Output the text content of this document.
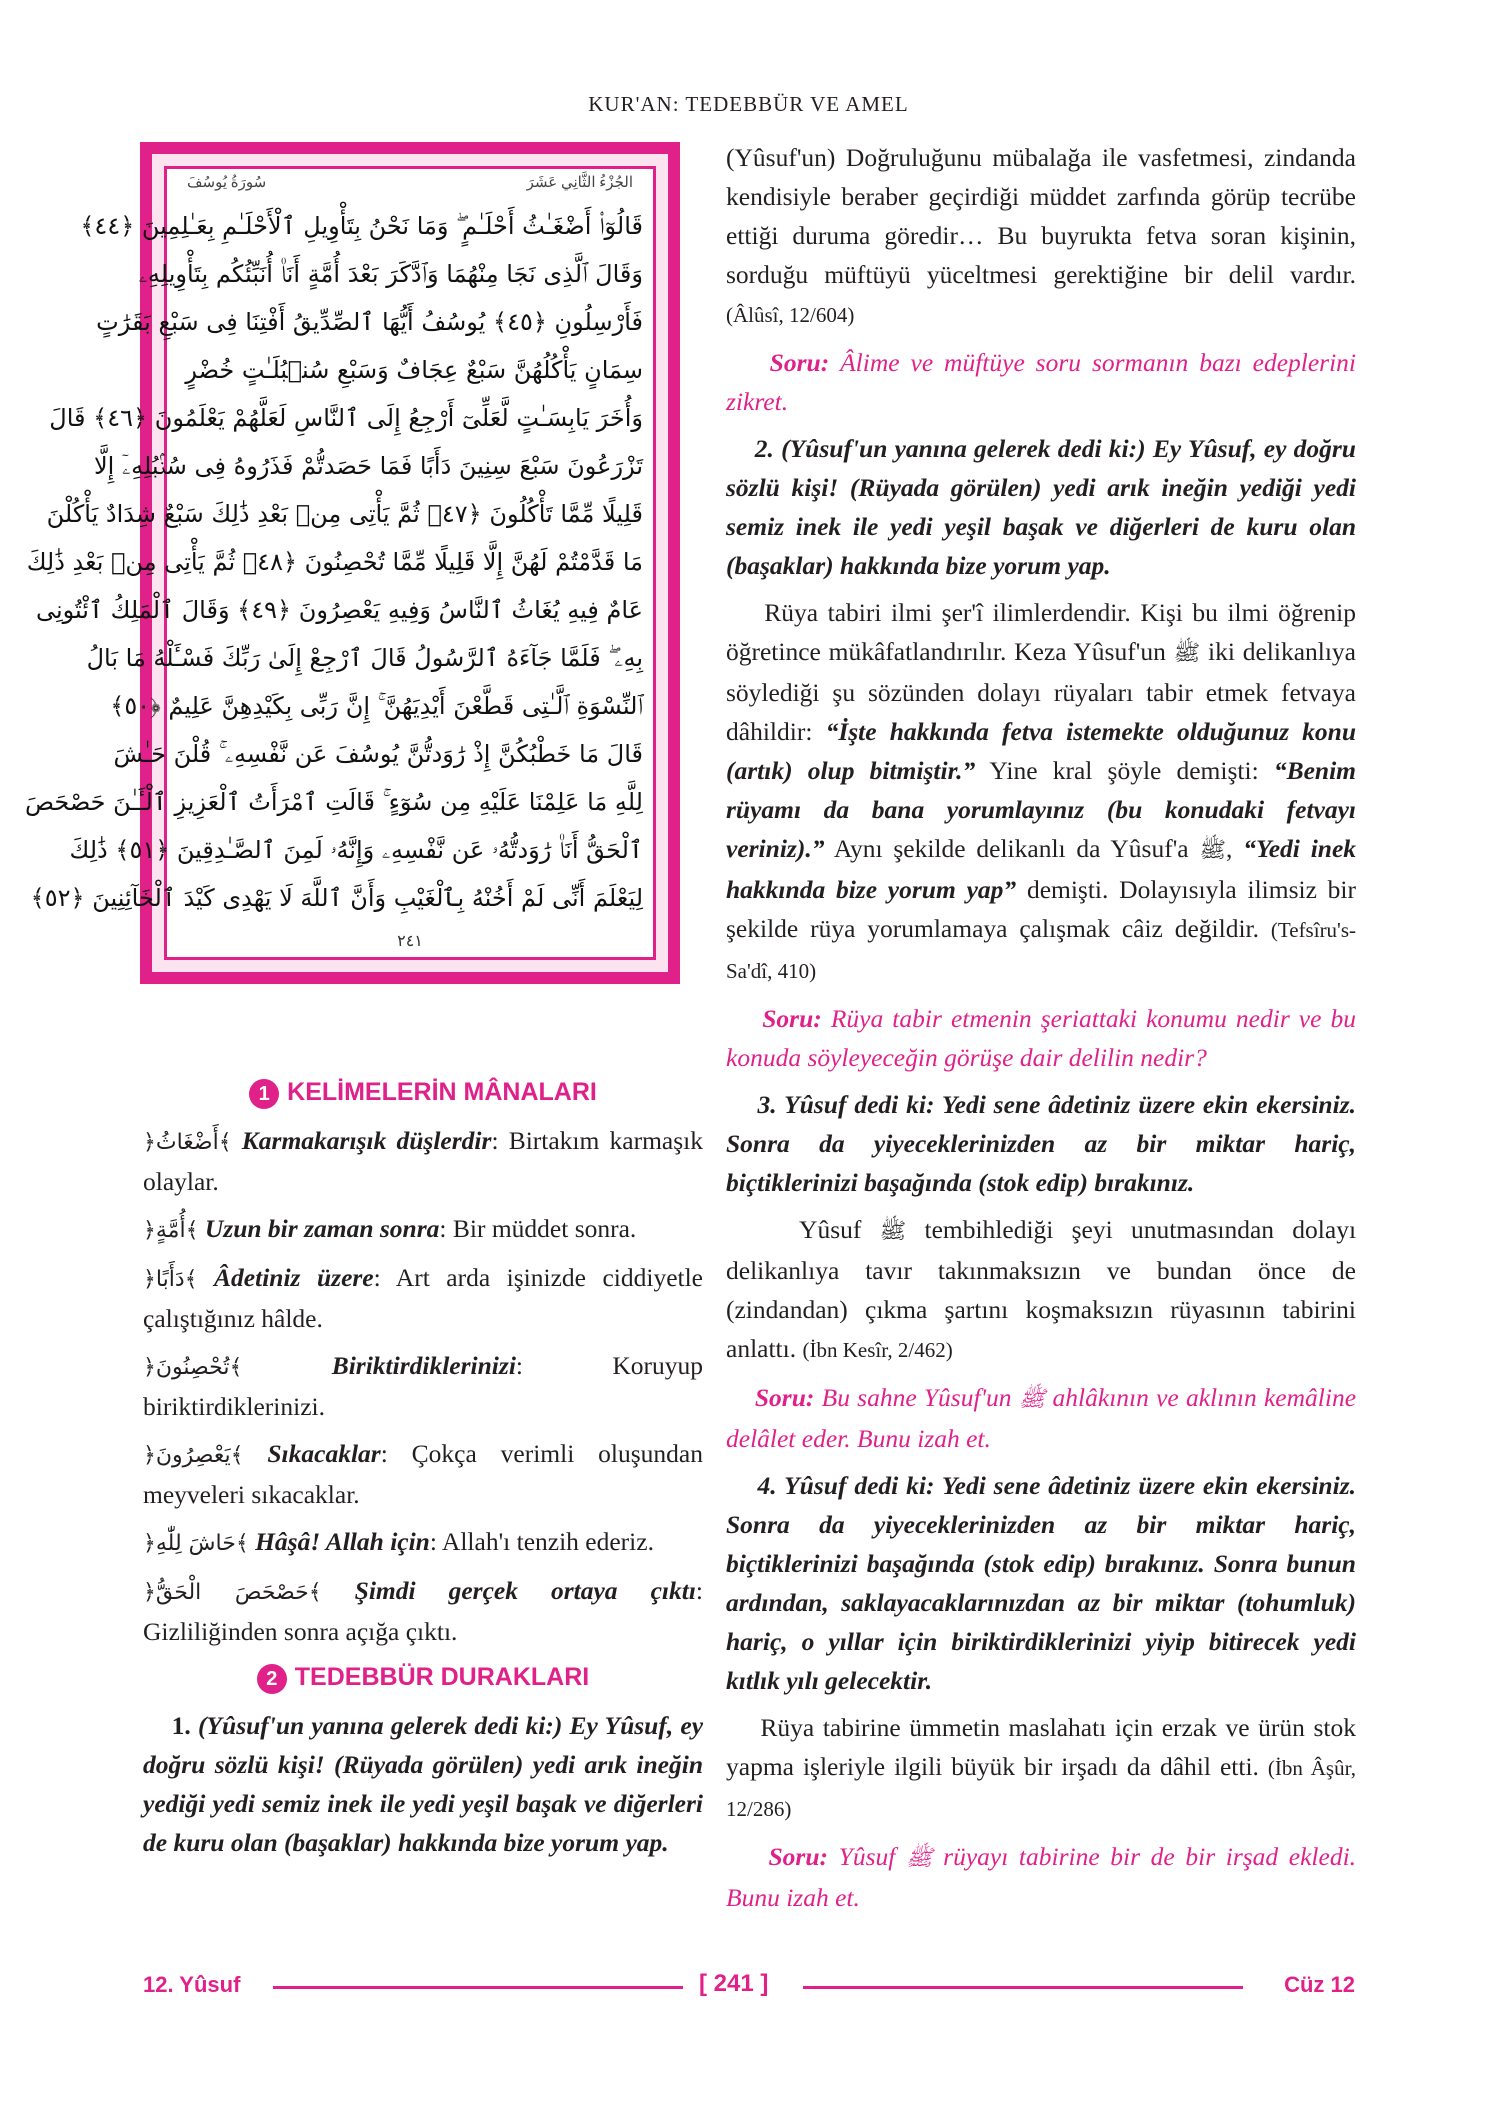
KUR'AN: TEDEBBÜR VE AMEL
سُورَةُ يُوسُفَ	الجُزْءُ الثَّانِي عَشَرَ
قَالُوٓا۟ أَضْغَـٰثُ أَحْلَـٰمٍ ۖ وَمَا نَحْنُ بِتَأْوِيلِ ٱلْأَحْلَـٰمِ بِعَـٰلِمِينَ ﴿٤٤﴾
وَقَالَ ٱلَّذِى نَجَا مِنْهُمَا وَٱدَّكَرَ بَعْدَ أُمَّةٍ أَنَا۠ أُنَبِّئُكُم بِتَأْوِيلِهِۦ
فَأَرْسِلُونِ ﴿٤٥﴾ يُوسُفُ أَيُّهَا ٱلصِّدِّيقُ أَفْتِنَا فِى سَبْعِ بَقَرَٰتٍ
سِمَانٍ يَأْكُلُهُنَّ سَبْعٌ عِجَافٌ وَسَبْعِ سُنۢبُلَـٰتٍ خُضْرٍ
وَأُخَرَ يَابِسَـٰتٍ لَّعَلِّىٓ أَرْجِعُ إِلَى ٱلنَّاسِ لَعَلَّهُمْ يَعْلَمُونَ ﴿٤٦﴾ قَالَ
تَزْرَعُونَ سَبْعَ سِنِينَ دَأَبًا فَمَا حَصَدتُّمْ فَذَرُوهُ فِى سُنۢبُلِهِۦٓ إِلَّا
قَلِيلًا مِّمَّا تَأْكُلُونَ ﴿٤٧﴾ ثُمَّ يَأْتِى مِنۢ بَعْدِ ذَٰلِكَ سَبْعٌ شِدَادٌ يَأْكُلْنَ
مَا قَدَّمْتُمْ لَهُنَّ إِلَّا قَلِيلًا مِّمَّا تُحْصِنُونَ ﴿٤٨﴾ ثُمَّ يَأْتِى مِنۢ بَعْدِ ذَٰلِكَ
عَامٌ فِيهِ يُغَاثُ ٱلنَّاسُ وَفِيهِ يَعْصِرُونَ ﴿٤٩﴾ وَقَالَ ٱلْمَلِكُ ٱئْتُونِى
بِهِۦ ۖ فَلَمَّا جَآءَهُ ٱلرَّسُولُ قَالَ ٱرْجِعْ إِلَىٰ رَبِّكَ فَسْـَٔلْهُ مَا بَالُ
ٱلنِّسْوَةِ ٱلَّـٰتِى قَطَّعْنَ أَيْدِيَهُنَّ ۚ إِنَّ رَبِّى بِكَيْدِهِنَّ عَلِيمٌ ﴿٥٠﴾
قَالَ مَا خَطْبُكُنَّ إِذْ رَٰوَدتُّنَّ يُوسُفَ عَن نَّفْسِهِۦ ۚ قُلْنَ حَـٰشَ
لِلَّهِ مَا عَلِمْنَا عَلَيْهِ مِن سُوٓءٍ ۚ قَالَتِ ٱمْرَأَتُ ٱلْعَزِيزِ ٱلْـَٔـٰنَ حَصْحَصَ
ٱلْحَقُّ أَنَا۠ رَٰوَدتُّهُۥ عَن نَّفْسِهِۦ وَإِنَّهُۥ لَمِنَ ٱلصَّـٰدِقِينَ ﴿٥١﴾ ذَٰلِكَ
لِيَعْلَمَ أَنِّى لَمْ أَخُنْهُ بِٱلْغَيْبِ وَأَنَّ ٱللَّهَ لَا يَهْدِى كَيْدَ ٱلْخَآئِنِينَ ﴿٥٢﴾
٢٤١
1 KELİMELERİN MÂNALARI

﴿أَضْغَاثُ﴾ Karmakarışık düşlerdir: Birtakım karmaşık olaylar.

﴿أُمَّةٍ﴾ Uzun bir zaman sonra: Bir müddet sonra.

﴿دَأَبًا﴾ Âdetiniz üzere: Art arda işinizde ciddiyetle çalıştığınız hâlde.

﴿تُحْصِنُونَ﴾	Biriktirdiklerinizi: Koruyup biriktirdiklerinizi.

﴿يَعْصِرُونَ﴾ Sıkacaklar: Çokça verimli oluşundan meyveleri sıkacaklar.

﴿حَاشَ لِلّٰهِ﴾ Hâşâ! Allah için: Allah'ı tenzih ederiz.

﴿حَصْحَصَ الْحَقُّ﴾ Şimdi gerçek ortaya çıktı: Gizliliğinden sonra açığa çıktı.

2 TEDEBBÜR DURAKLARI

1. (Yûsuf'un yanına gelerek dedi ki:) Ey Yûsuf, ey doğru sözlü kişi! (Rüyada görülen) yedi arık ineğin yediği yedi semiz inek ile yedi yeşil başak ve diğerleri de kuru olan (başaklar) hakkında bize yorum yap.

(Yûsuf'un) Doğruluğunu mübalağa ile vasfetmesi, zindanda kendisiyle beraber geçirdiği müddet zarfında görüp tecrübe ettiği duruma göredir… Bu buyrukta fetva soran kişinin, sorduğu müftüyü yüceltmesi gerektiğine bir delil vardır. (Âlûsî, 12/604)

Soru: Âlime ve müftüye soru sormanın bazı edeplerini zikret.

2. (Yûsuf'un yanına gelerek dedi ki:) Ey Yûsuf, ey doğru sözlü kişi! (Rüyada görülen) yedi arık ineğin yediği yedi semiz inek ile yedi yeşil başak ve diğerleri de kuru olan (başaklar) hakkında bize yorum yap.

Rüya tabiri ilmi şer'î ilimlerdendir. Kişi bu ilmi öğrenip öğretince mükâfatlandırılır. Keza Yûsuf'un ﷺ iki delikanlıya söylediği şu sözünden dolayı rüyaları tabir etmek fetvaya dâhildir: “İşte hakkında fetva istemekte olduğunuz konu (artık) olup bitmiştir.” Yine kral şöyle demişti: “Benim rüyamı da bana yorumlayınız (bu konudaki fetvayı veriniz).” Aynı şekilde delikanlı da Yûsuf'a ﷺ, “Yedi inek hakkında bize yorum yap” demişti. Dolayısıyla ilimsiz bir şekilde rüya yorumlamaya çalışmak câiz değildir. (Tefsîru's-Sa'dî, 410)

Soru: Rüya tabir etmenin şeriattaki konumu nedir ve bu konuda söyleyeceğin görüşe dair delilin nedir?

3. Yûsuf dedi ki: Yedi sene âdetiniz üzere ekin ekersiniz. Sonra da yiyeceklerinizden az bir miktar hariç, biçtiklerinizi başağında (stok edip) bırakınız.

Yûsuf ﷺ tembihlediği şeyi unutmasından dolayı delikanlıya tavır takınmaksızın ve bundan önce de (zindandan) çıkma şartını koşmaksızın rüyasının tabirini anlattı. (İbn Kesîr, 2/462)

Soru: Bu sahne Yûsuf'un ﷺ ahlâkının ve aklının kemâline delâlet eder. Bunu izah et.

4. Yûsuf dedi ki: Yedi sene âdetiniz üzere ekin ekersiniz. Sonra da yiyeceklerinizden az bir miktar hariç, biçtiklerinizi başağında (stok edip) bırakınız. Sonra bunun ardından, saklayacaklarınızdan az bir miktar (tohumluk) hariç, o yıllar için biriktirdiklerinizi yiyip bitirecek yedi kıtlık yılı gelecektir.

Rüya tabirine ümmetin maslahatı için erzak ve ürün stok yapma işleriyle ilgili büyük bir irşadı da dâhil etti. (İbn Âşûr, 12/286)

Soru: Yûsuf ﷺ rüyayı tabirine bir de bir irşad ekledi. Bunu izah et.

12. Yûsuf	[ 241 ]	Cüz 12
